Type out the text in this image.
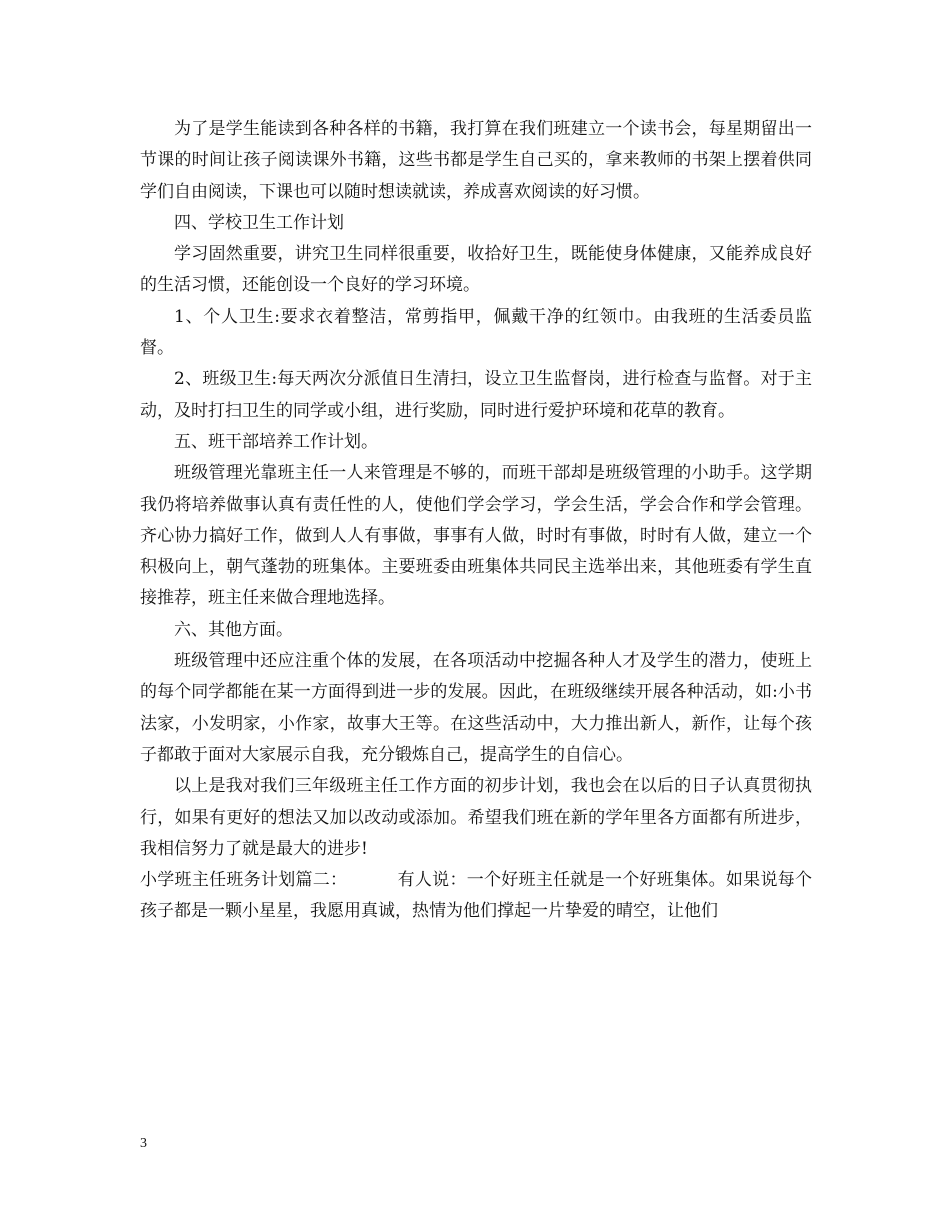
为了是学生能读到各种各样的书籍，我打算在我们班建立一个读书会，每星期留出一节课的时间让孩子阅读课外书籍，这些书都是学生自己买的，拿来教师的书架上摆着供同学们自由阅读，下课也可以随时想读就读，养成喜欢阅读的好习惯。

四、学校卫生工作计划

学习固然重要，讲究卫生同样很重要，收拾好卫生，既能使身体健康，又能养成良好的生活习惯，还能创设一个良好的学习环境。

1、个人卫生:要求衣着整洁，常剪指甲，佩戴干净的红领巾。由我班的生活委员监督。

2、班级卫生:每天两次分派值日生清扫，设立卫生监督岗，进行检查与监督。对于主动，及时打扫卫生的同学或小组，进行奖励，同时进行爱护环境和花草的教育。

五、班干部培养工作计划。

班级管理光靠班主任一人来管理是不够的，而班干部却是班级管理的小助手。这学期我仍将培养做事认真有责任性的人，使他们学会学习，学会生活，学会合作和学会管理。齐心协力搞好工作，做到人人有事做，事事有人做，时时有事做，时时有人做，建立一个积极向上，朝气蓬勃的班集体。主要班委由班集体共同民主选举出来，其他班委有学生直接推荐，班主任来做合理地选择。

六、其他方面。

班级管理中还应注重个体的发展，在各项活动中挖掘各种人才及学生的潜力，使班上的每个同学都能在某一方面得到进一步的发展。因此，在班级继续开展各种活动，如:小书法家，小发明家，小作家，故事大王等。在这些活动中，大力推出新人，新作，让每个孩子都敢于面对大家展示自我，充分锻炼自己，提高学生的自信心。

以上是我对我们三年级班主任工作方面的初步计划，我也会在以后的日子认真贯彻执行，如果有更好的想法又加以改动或添加。希望我们班在新的学年里各方面都有所进步，我相信努力了就是最大的进步!

小学班主任班务计划篇二：	有人说：一个好班主任就是一个好班集体。如果说每个孩子都是一颗小星星，我愿用真诚，热情为他们撑起一片挚爱的晴空，让他们

3
